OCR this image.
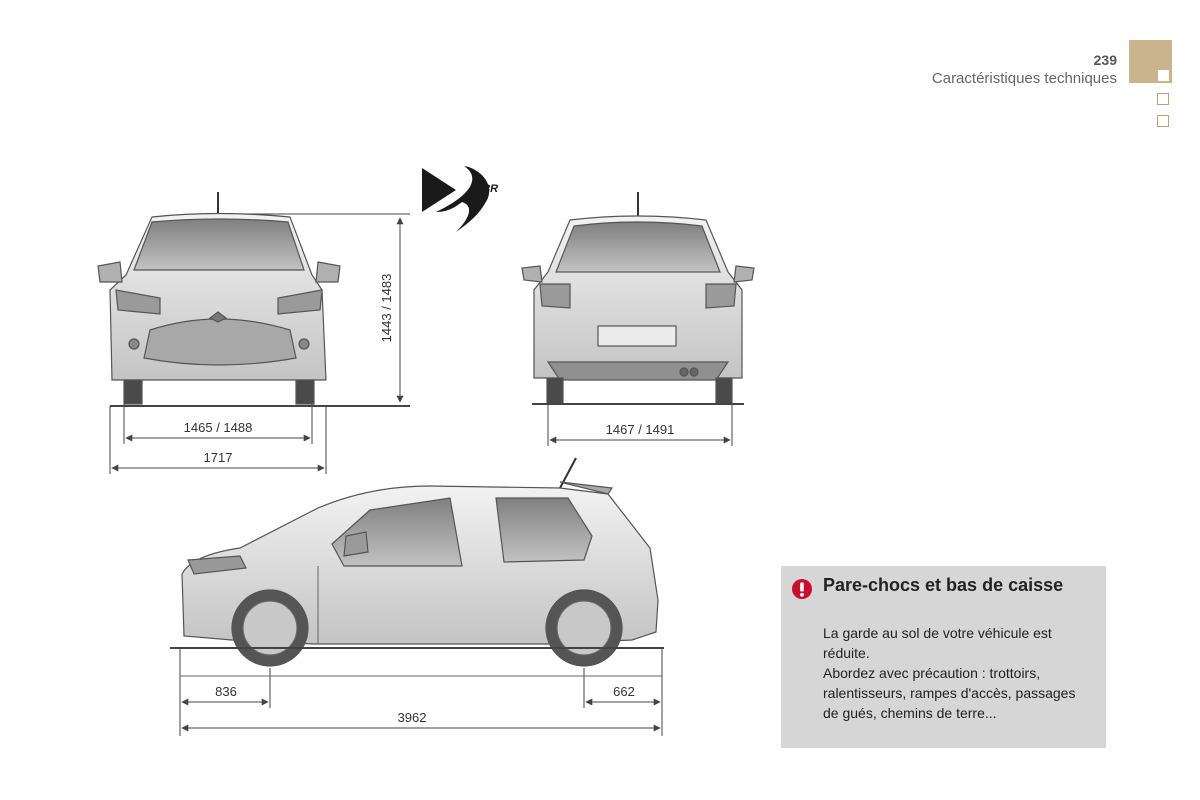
239
Caractéristiques techniques
3R
1443 / 1483
1465 / 1488
1717
1467 / 1491
836	662
3962
Pare-chocs et bas de caisse

La garde au sol de votre véhicule est réduite.

Abordez avec précaution : trottoirs, ralentisseurs, rampes d'accès, passages de gués, chemins de terre...
